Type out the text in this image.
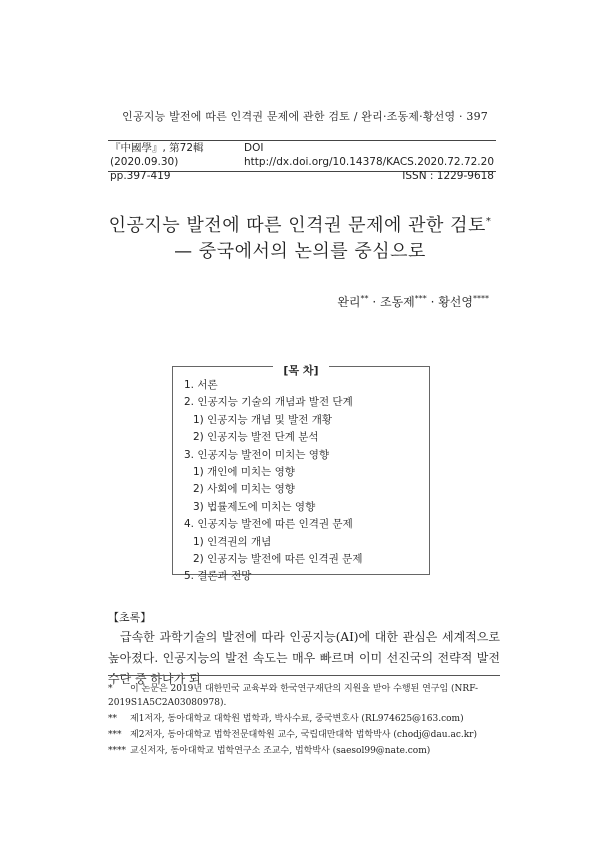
인공지능 발전에 따른 인격권 문제에 관한 검토 / 완리·조동제·황선영 · 397
『中國學』, 第72輯 (2020.09.30)
DOI http://dx.doi.org/10.14378/KACS.2020.72.72.20
pp.397-419	ISSN : 1229-9618
인공지능 발전에 따른 인격권 문제에 관한 검토*
— 중국에서의 논의를 중심으로
완리** · 조동제*** · 황선영****
[목 차]
1. 서론
2. 인공지능 기술의 개념과 발전 단계
1) 인공지능 개념 및 발전 개황
2) 인공지능 발전 단계 분석
3. 인공지능 발전이 미치는 영향
1) 개인에 미치는 영향
2) 사회에 미치는 영향
3) 법률제도에 미치는 영향
4. 인공지능 발전에 따른 인격권 문제
1) 인격권의 개념
2) 인공지능 발전에 따른 인격권 문제
5. 결론과 전망
【초록】

급속한 과학기술의 발전에 따라 인공지능(AI)에 대한 관심은 세계적으로 높아졌다. 인공지능의 발전 속도는 매우 빠르며 이미 선진국의 전략적 발전 수단 중 하나가 되

* 이 논문은 2019년 대한민국 교육부와 한국연구재단의 지원을 받아 수행된 연구임 (NRF-2019S1A5C2A03080978).
** 제1저자, 동아대학교 대학원 법학과, 박사수료, 중국변호사 (RL974625@163.com)
*** 제2저자, 동아대학교 법학전문대학원 교수, 국립대만대학 법학박사 (chodj@dau.ac.kr)
**** 교신저자, 동아대학교 법학연구소 조교수, 법학박사 (saesol99@nate.com)
